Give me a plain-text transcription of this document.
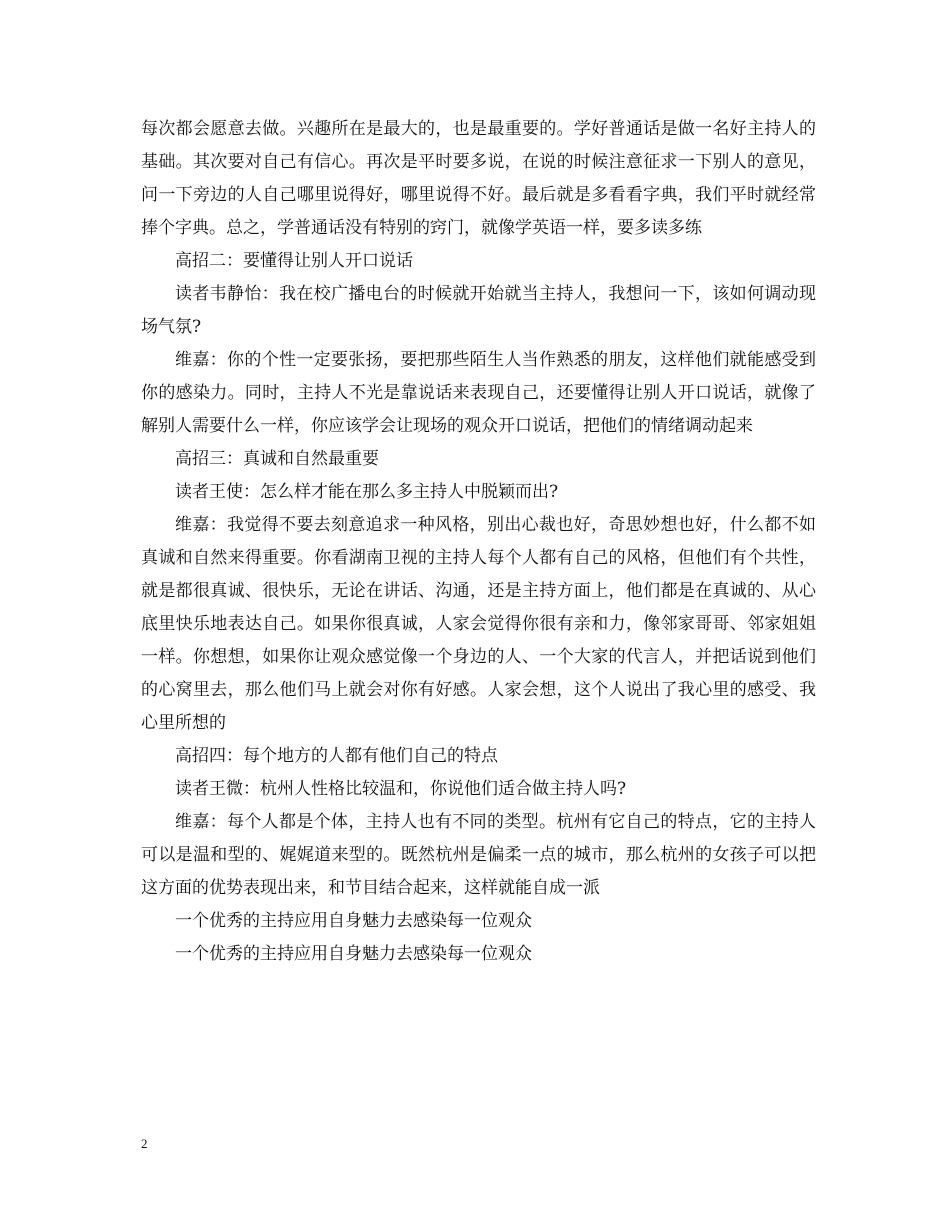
每次都会愿意去做。兴趣所在是最大的，也是最重要的。学好普通话是做一名好主持人的基础。其次要对自己有信心。再次是平时要多说，在说的时候注意征求一下别人的意见，问一下旁边的人自己哪里说得好，哪里说得不好。最后就是多看看字典，我们平时就经常捧个字典。总之，学普通话没有特别的窍门，就像学英语一样，要多读多练

高招二：要懂得让别人开口说话

读者韦静怡：我在校广播电台的时候就开始就当主持人，我想问一下，该如何调动现场气氛?

维嘉：你的个性一定要张扬，要把那些陌生人当作熟悉的朋友，这样他们就能感受到你的感染力。同时，主持人不光是靠说话来表现自己，还要懂得让别人开口说话，就像了解别人需要什么一样，你应该学会让现场的观众开口说话，把他们的情绪调动起来

高招三：真诚和自然最重要

读者王使：怎么样才能在那么多主持人中脱颖而出?

维嘉：我觉得不要去刻意追求一种风格，别出心裁也好，奇思妙想也好，什么都不如真诚和自然来得重要。你看湖南卫视的主持人每个人都有自己的风格，但他们有个共性，就是都很真诚、很快乐，无论在讲话、沟通，还是主持方面上，他们都是在真诚的、从心底里快乐地表达自己。如果你很真诚，人家会觉得你很有亲和力，像邻家哥哥、邻家姐姐一样。你想想，如果你让观众感觉像一个身边的人、一个大家的代言人，并把话说到他们的心窝里去，那么他们马上就会对你有好感。人家会想，这个人说出了我心里的感受、我心里所想的

高招四：每个地方的人都有他们自己的特点

读者王微：杭州人性格比较温和，你说他们适合做主持人吗?

维嘉：每个人都是个体，主持人也有不同的类型。杭州有它自己的特点，它的主持人可以是温和型的、娓娓道来型的。既然杭州是偏柔一点的城市，那么杭州的女孩子可以把这方面的优势表现出来，和节目结合起来，这样就能自成一派

一个优秀的主持应用自身魅力去感染每一位观众

一个优秀的主持应用自身魅力去感染每一位观众

2
